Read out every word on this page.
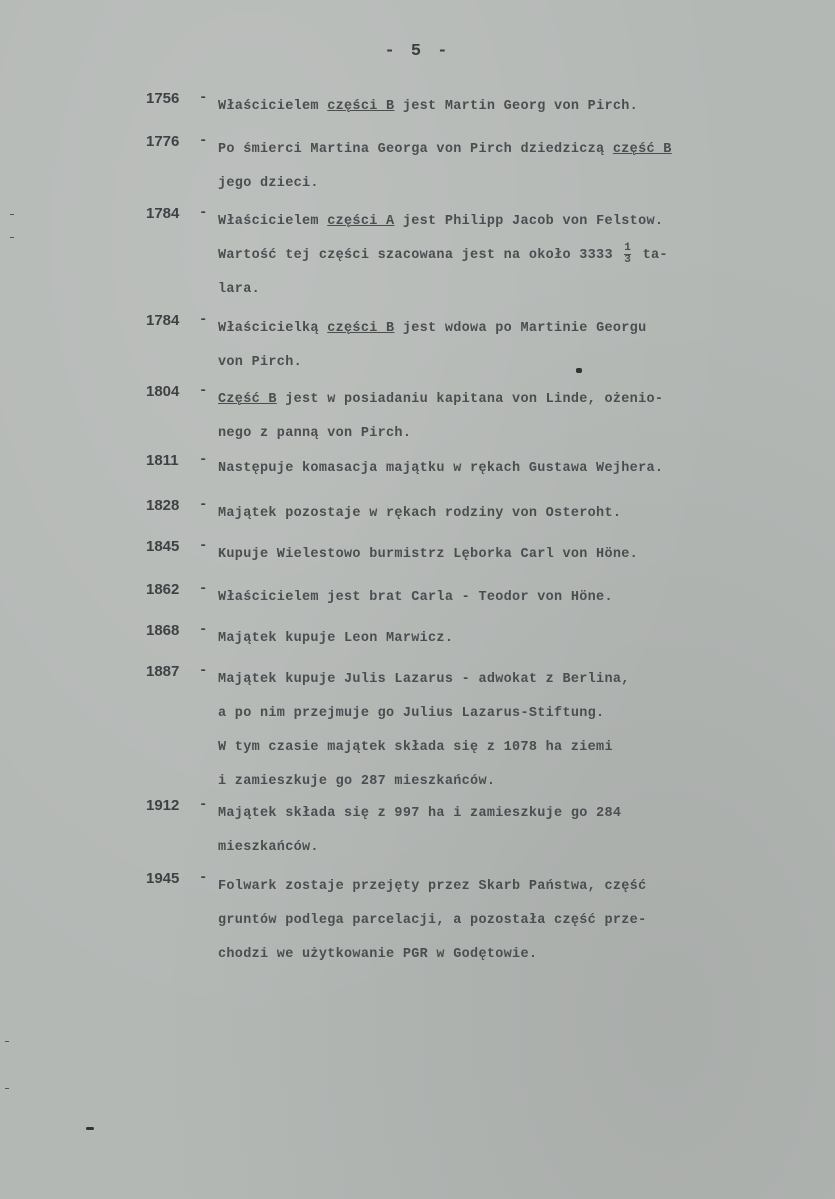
- 5 -
1756	-
Właścicielem części B jest Martin Georg von Pirch.
1776	-
Po śmierci Martina Georga von Pirch dziedziczą część B
jego dzieci.
1784	-
Właścicielem części A jest Philipp Jacob von Felstow.
Wartość tej części szacowana jest na około $3333 \frac{1}{3} ta-$
lara.
1784	-
Właścicielką części B jest wdowa po Martinie Georgu
von Pirch.
1804	-
Część B jest w posiadaniu kapitana von Linde, ożenio-
nego z panną von Pirch.
1811	-
Następuje komasacja majątku w rękach Gustawa Wejhera.
1828	-
Majątek pozostaje w rękach rodziny von Osteroht.
1845	-
Kupuje Wielestowo burmistrz Lęborka Carl von Höne.
1862	-
Właścicielem jest brat Carla - Teodor von Höne.
1868	-
Majątek kupuje Leon Marwicz.
1887	-
Majątek kupuje Julis Lazarus - adwokat z Berlina,
a po nim przejmuje go Julius Lazarus-Stiftung.
W tym czasie majątek składa się z 1078 ha ziemi
i zamieszkuje go 287 mieszkańców.
1912	-
Majątek składa się z 997 ha i zamieszkuje go 284
mieszkańców.
1945	-
Folwark zostaje przejęty przez Skarb Państwa, część
gruntów podlega parcelacji, a pozostała część prze-
chodzi we użytkowanie PGR w Godętowie.
